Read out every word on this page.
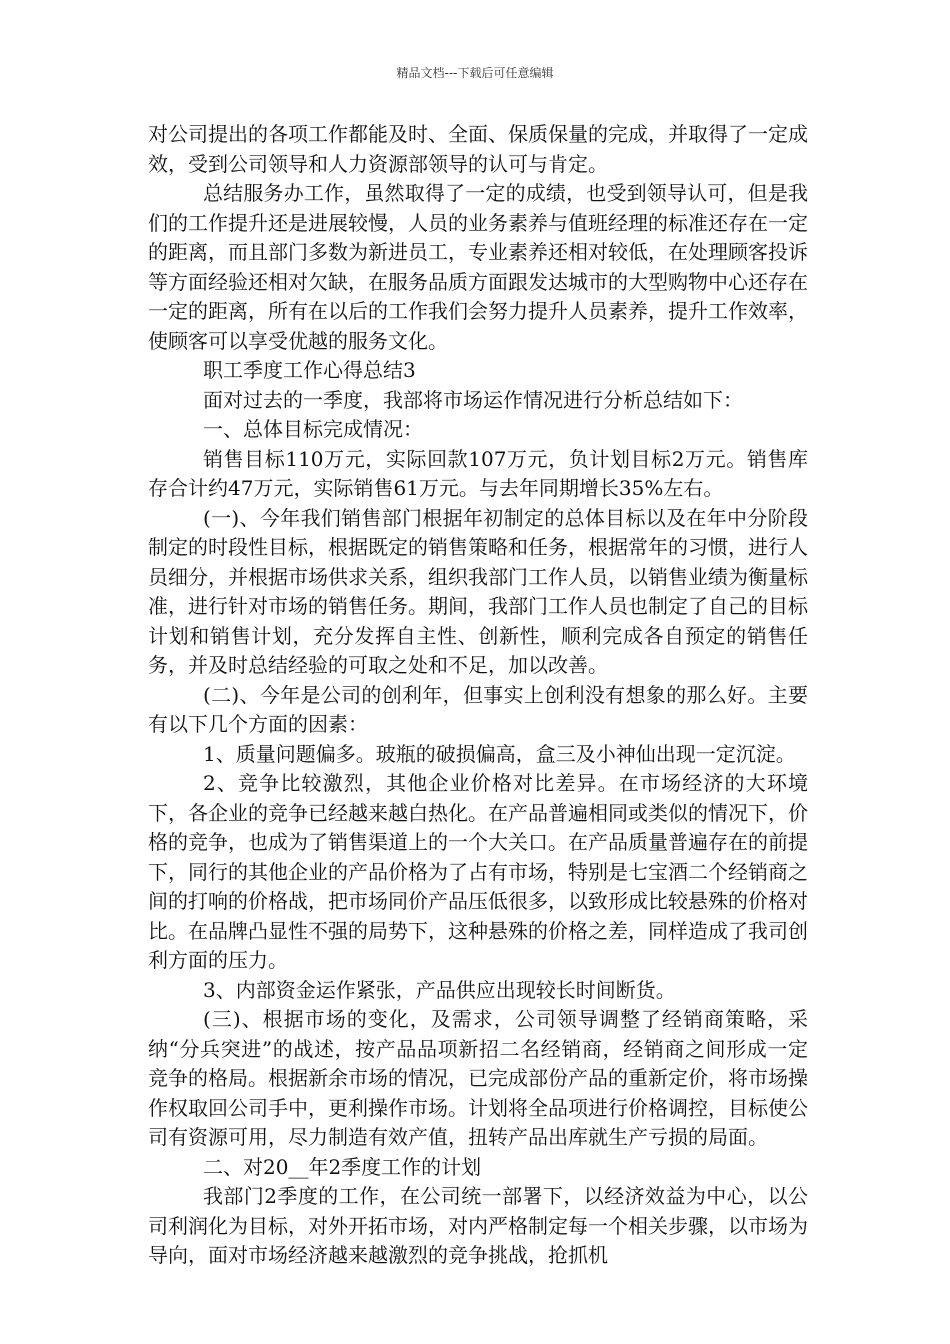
精品文档---下载后可任意编辑

对公司提出的各项工作都能及时、全面、保质保量的完成，并取得了一定成效，受到公司领导和人力资源部领导的认可与肯定。

总结服务办工作，虽然取得了一定的成绩，也受到领导认可，但是我们的工作提升还是进展较慢，人员的业务素养与值班经理的标准还存在一定的距离，而且部门多数为新进员工，专业素养还相对较低，在处理顾客投诉等方面经验还相对欠缺，在服务品质方面跟发达城市的大型购物中心还存在一定的距离，所有在以后的工作我们会努力提升人员素养，提升工作效率，使顾客可以享受优越的服务文化。

职工季度工作心得总结3

面对过去的一季度，我部将市场运作情况进行分析总结如下：

一、总体目标完成情况：

销售目标110万元，实际回款107万元，负计划目标2万元。销售库存合计约47万元，实际销售61万元。与去年同期增长35%左右。

(一)、今年我们销售部门根据年初制定的总体目标以及在年中分阶段制定的时段性目标，根据既定的销售策略和任务，根据常年的习惯，进行人员细分，并根据市场供求关系，组织我部门工作人员，以销售业绩为衡量标准，进行针对市场的销售任务。期间，我部门工作人员也制定了自己的目标计划和销售计划，充分发挥自主性、创新性，顺利完成各自预定的销售任务，并及时总结经验的可取之处和不足，加以改善。

(二)、今年是公司的创利年，但事实上创利没有想象的那么好。主要有以下几个方面的因素：

1、质量问题偏多。玻瓶的破损偏高，盒三及小神仙出现一定沉淀。

2、竞争比较激烈，其他企业价格对比差异。在市场经济的大环境下，各企业的竞争已经越来越白热化。在产品普遍相同或类似的情况下，价格的竞争，也成为了销售渠道上的一个大关口。在产品质量普遍存在的前提下，同行的其他企业的产品价格为了占有市场，特别是七宝酒二个经销商之间的打响的价格战，把市场同价产品压低很多，以致形成比较悬殊的价格对比。在品牌凸显性不强的局势下，这种悬殊的价格之差，同样造成了我司创利方面的压力。

3、内部资金运作紧张，产品供应出现较长时间断货。

(三)、根据市场的变化，及需求，公司领导调整了经销商策略，采纳“分兵突进”的战述，按产品品项新招二名经销商，经销商之间形成一定竞争的格局。根据新余市场的情况，已完成部份产品的重新定价，将市场操作权取回公司手中，更利操作市场。计划将全品项进行价格调控，目标使公司有资源可用，尽力制造有效产值，扭转产品出库就生产亏损的局面。

二、对20__年2季度工作的计划

我部门2季度的工作，在公司统一部署下，以经济效益为中心，以公司利润化为目标，对外开拓市场，对内严格制定每一个相关步骤，以市场为导向，面对市场经济越来越激烈的竞争挑战，抢抓机
